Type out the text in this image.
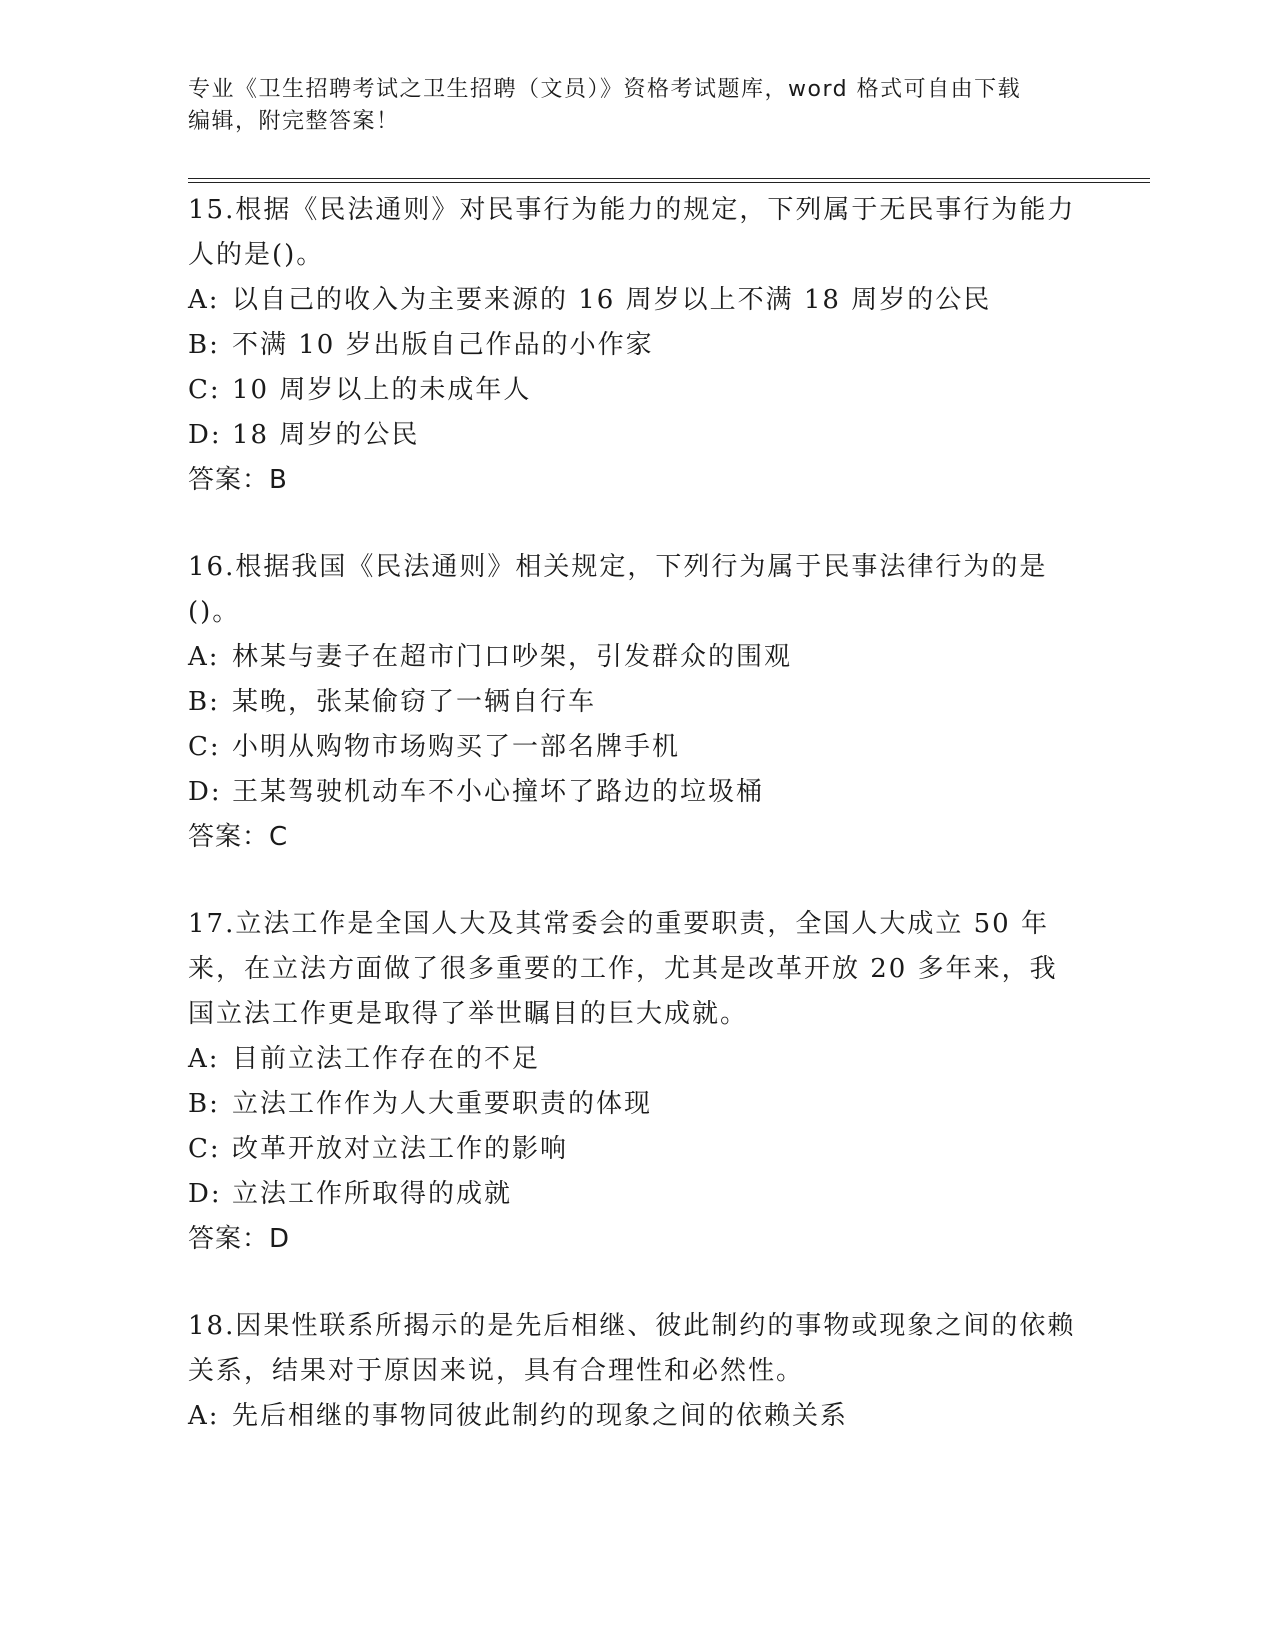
专业《卫生招聘考试之卫生招聘（文员）》资格考试题库，word 格式可自由下载
编辑，附完整答案！

15.根据《民法通则》对民事行为能力的规定，下列属于无民事行为能力人的是()。

A: 以自己的收入为主要来源的 16 周岁以上不满 18 周岁的公民

B: 不满 10 岁出版自己作品的小作家

C: 10 周岁以上的未成年人

D: 18 周岁的公民

答案：B

16.根据我国《民法通则》相关规定，下列行为属于民事法律行为的是()。

A: 林某与妻子在超市门口吵架，引发群众的围观

B: 某晚，张某偷窃了一辆自行车

C: 小明从购物市场购买了一部名牌手机

D: 王某驾驶机动车不小心撞坏了路边的垃圾桶

答案：C

17.立法工作是全国人大及其常委会的重要职责，全国人大成立 50 年来，在立法方面做了很多重要的工作，尤其是改革开放 20 多年来，我国立法工作更是取得了举世瞩目的巨大成就。

A: 目前立法工作存在的不足

B: 立法工作作为人大重要职责的体现

C: 改革开放对立法工作的影响

D: 立法工作所取得的成就

答案：D

18.因果性联系所揭示的是先后相继、彼此制约的事物或现象之间的依赖关系，结果对于原因来说，具有合理性和必然性。

A: 先后相继的事物同彼此制约的现象之间的依赖关系
